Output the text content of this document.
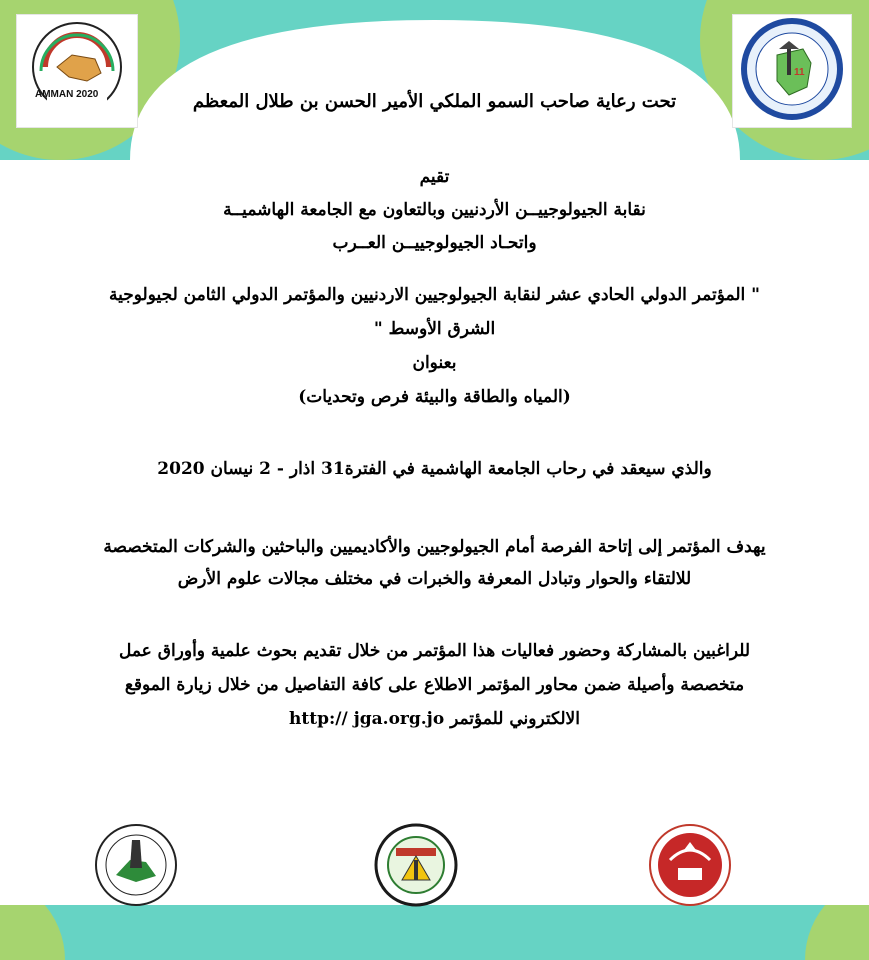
AMMAN 2020
11
تحت رعاية صاحب السمو الملكي الأمير الحسن بن طلال المعظم
تقيم
نقابة الجيولوجييــن الأردنيين وبالتعاون مع الجامعة الهاشميــة
واتحـاد الجيولوجييــن العــرب
" المؤتمر الدولي الحادي عشر لنقابة الجيولوجيين الاردنيين والمؤتمر الدولي الثامن لجيولوجية
الشرق الأوسط "
بعنوان
(المياه والطاقة والبيئة فرص وتحديات)
والذي سيعقد في رحاب الجامعة الهاشمية في الفترة31 اذار - 2 نيسان 2020
يهدف المؤتمر إلى إتاحة الفرصة أمام الجيولوجيين والأكاديميين والباحثين والشركات المتخصصة
للالتقاء والحوار وتبادل المعرفة والخبرات في مختلف مجالات علوم الأرض
للراغبين بالمشاركة وحضور فعاليات هذا المؤتمر من خلال تقديم بحوث علمية وأوراق عمل
متخصصة وأصيلة ضمن محاور المؤتمر الاطلاع على كافة التفاصيل من خلال زيارة الموقع
الالكتروني للمؤتمر http:// jga.org.jo
